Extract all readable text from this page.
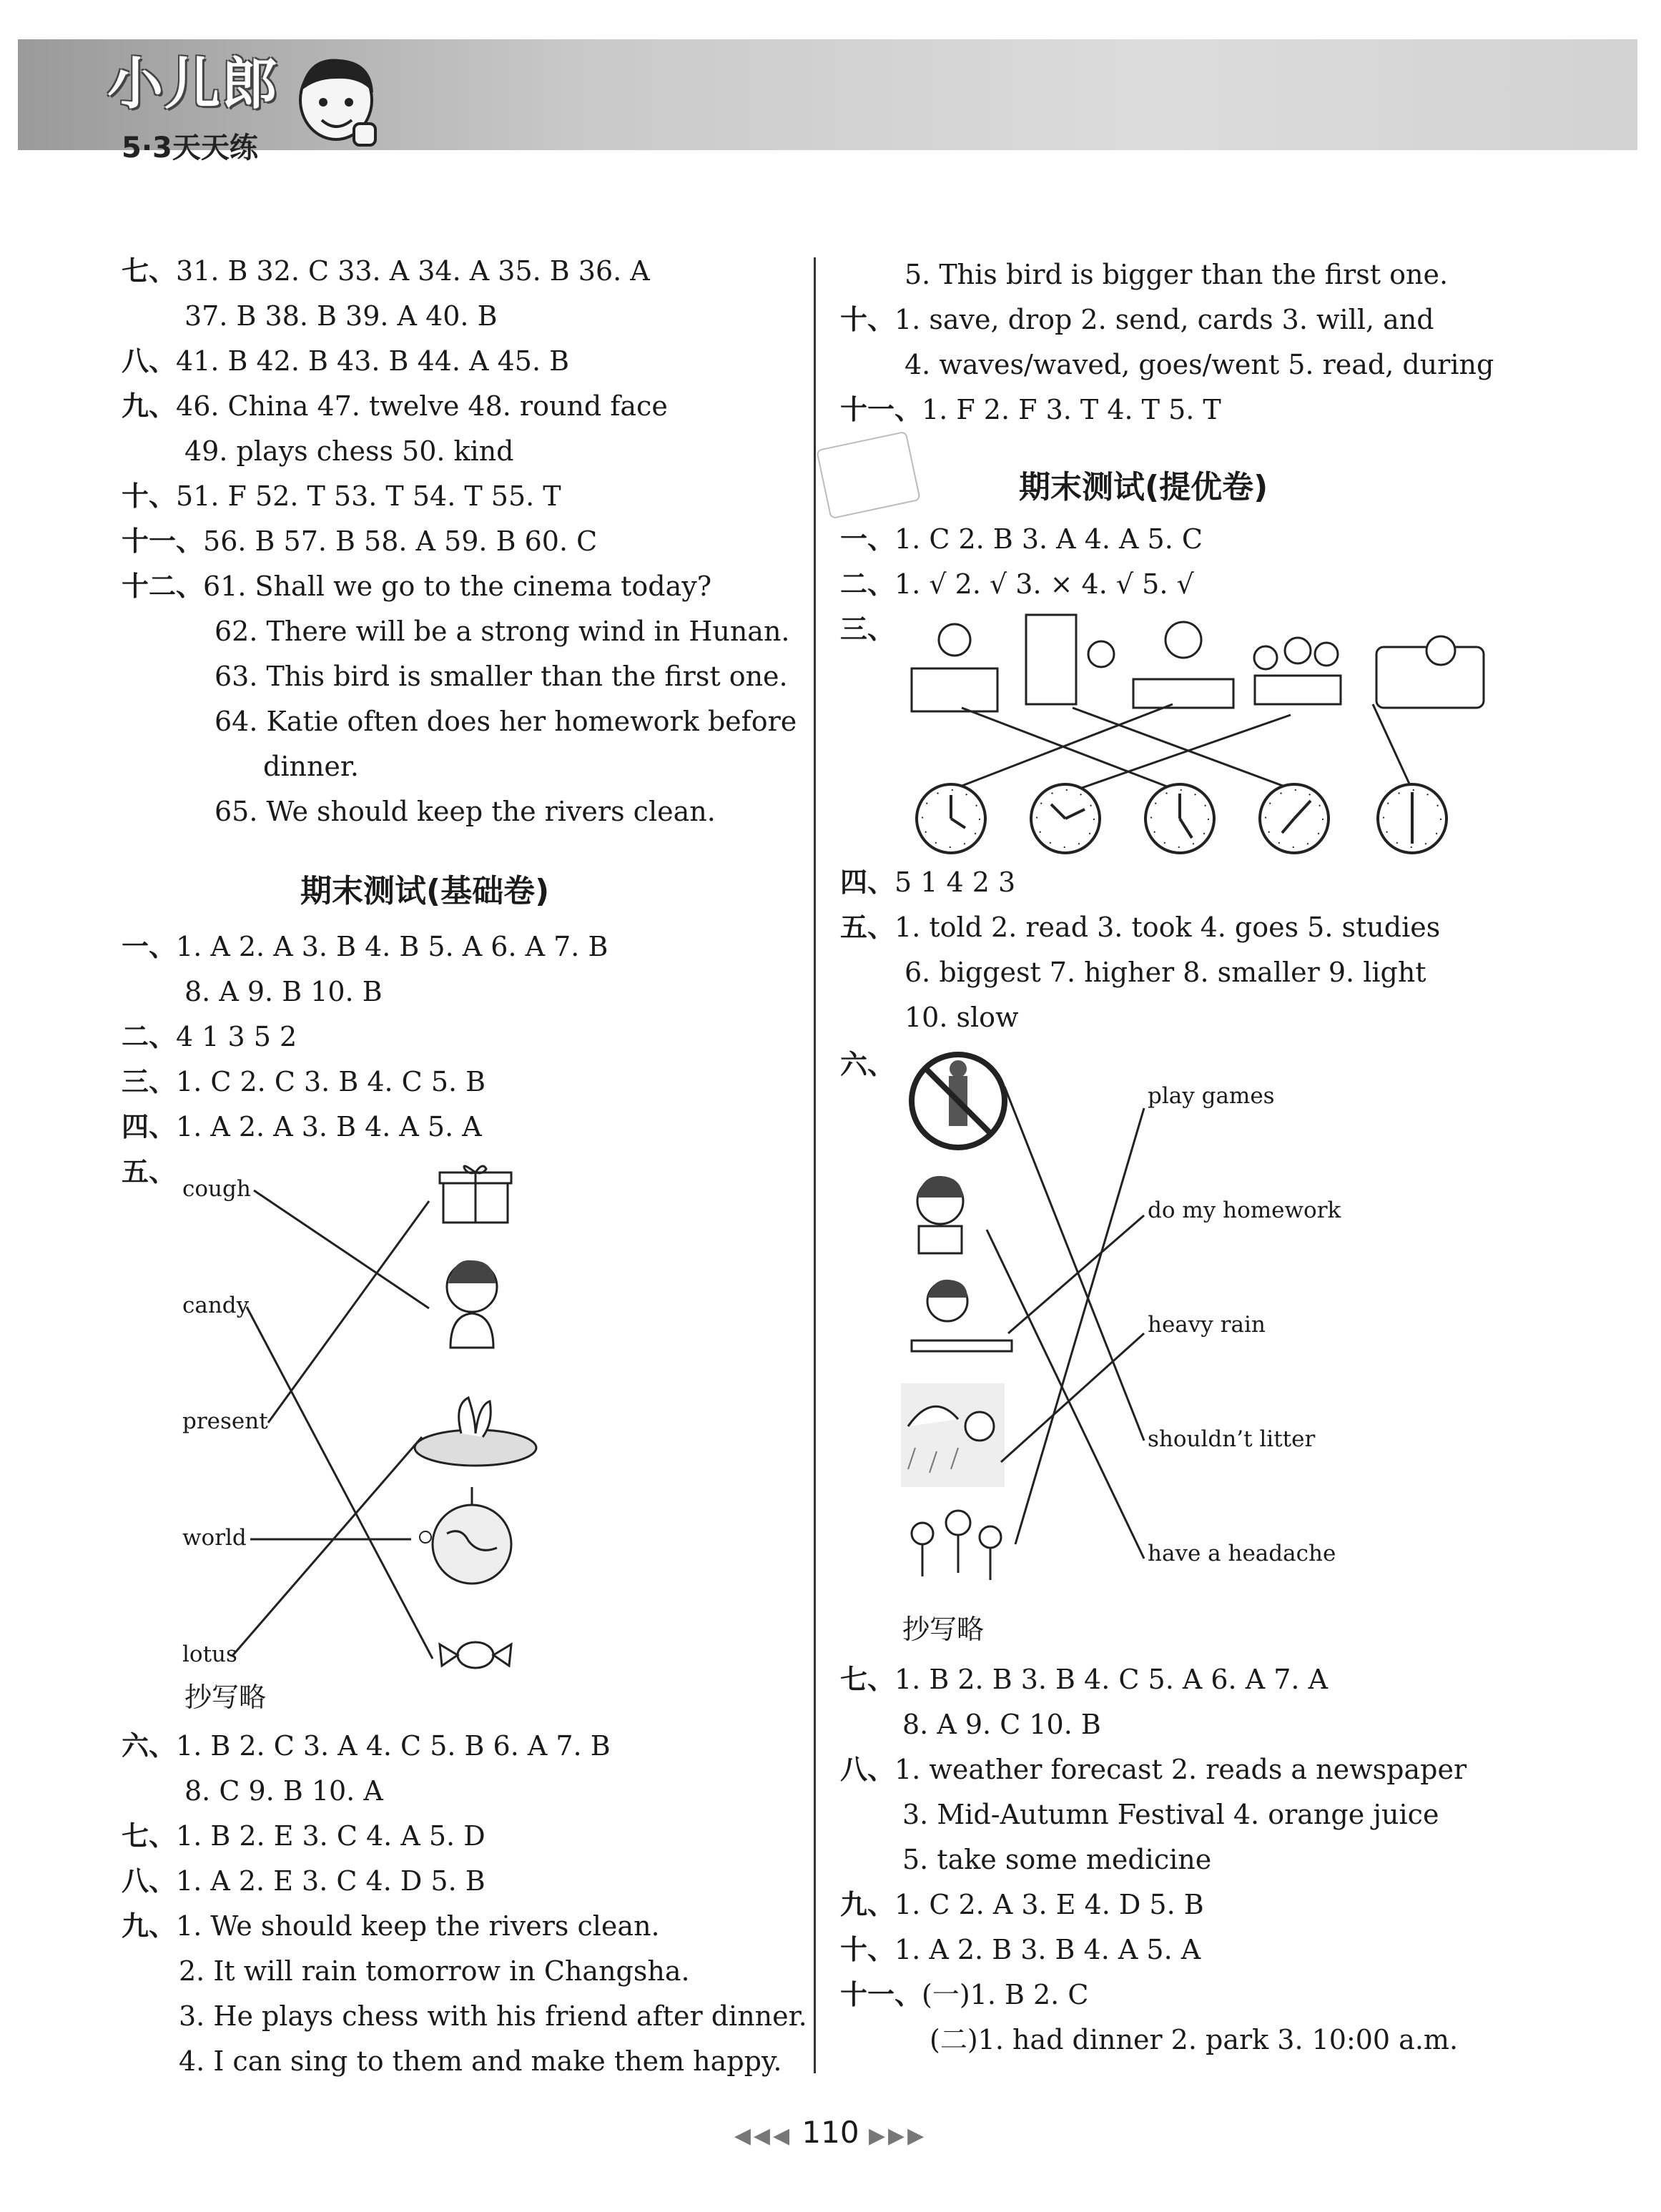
小儿郎
5·3天天练
七、31. B 32. C 33. A 34. A 35. B 36. A
37. B 38. B 39. A 40. B
八、41. B 42. B 43. B 44. A 45. B
九、46. China 47. twelve 48. round face
49. plays chess 50. kind
十、51. F 52. T 53. T 54. T 55. T
十一、56. B 57. B 58. A 59. B 60. C
十二、61. Shall we go to the cinema today?
62. There will be a strong wind in Hunan.
63. This bird is smaller than the first one.
64. Katie often does her homework before
dinner.
65. We should keep the rivers clean.
期末测试(基础卷)
一、1. A 2. A 3. B 4. B 5. A 6. A 7. B
8. A 9. B 10. B
二、4 1 3 5 2
三、1. C 2. C 3. B 4. C 5. B
四、1. A 2. A 3. B 4. A 5. A
五、
cough
candy
present
world
lotus
抄写略
六、1. B 2. C 3. A 4. C 5. B 6. A 7. B
8. C 9. B 10. A
七、1. B 2. E 3. C 4. A 5. D
八、1. A 2. E 3. C 4. D 5. B
九、1. We should keep the rivers clean.
2. It will rain tomorrow in Changsha.
3. He plays chess with his friend after dinner.
4. I can sing to them and make them happy.
5. This bird is bigger than the first one.
十、1. save, drop 2. send, cards 3. will, and
4. waves/waved, goes/went 5. read, during
十一、1. F 2. F 3. T 4. T 5. T
期末测试(提优卷)
一、1. C 2. B 3. A 4. A 5. C
二、1. √ 2. √ 3. × 4. √ 5. √
三、
四、5 1 4 2 3
五、1. told 2. read 3. took 4. goes 5. studies
6. biggest 7. higher 8. smaller 9. light
10. slow
六、
play games
do my homework
heavy rain
shouldn’t litter
have a headache
抄写略
七、1. B 2. B 3. B 4. C 5. A 6. A 7. A
8. A 9. C 10. B
八、1. weather forecast 2. reads a newspaper
3. Mid-Autumn Festival 4. orange juice
5. take some medicine
九、1. C 2. A 3. E 4. D 5. B
十、1. A 2. B 3. B 4. A 5. A
十一、(一)1. B 2. C
(二)1. had dinner 2. park 3. 10:00 a.m.
◀◀◀ 110 ▶▶▶
